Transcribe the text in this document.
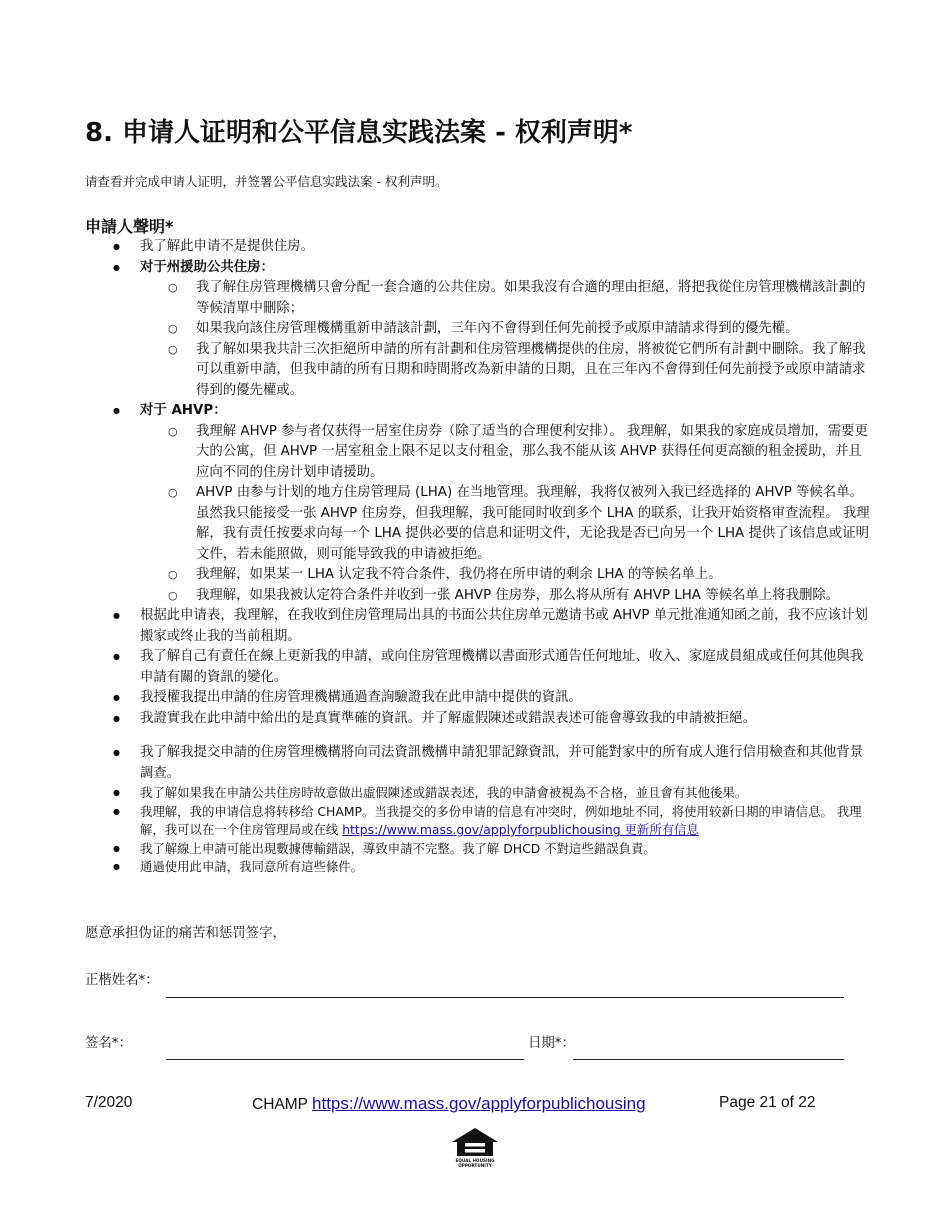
8. 申请人证明和公平信息实践法案 - 权利声明*
请查看并完成申请人证明，并签署公平信息实践法案 - 权利声明。
申請人聲明*
● 我了解此申请不是提供住房。
● 对于州援助公共住房：
○ 我了解住房管理機構只會分配一套合適的公共住房。如果我沒有合適的理由拒絕，將把我從住房管理機構該計劃的等候清單中刪除；
○ 如果我向該住房管理機構重新申請該計劃，三年內不會得到任何先前授予或原申請請求得到的優先權。
○ 我了解如果我共計三次拒絕所申請的所有計劃和住房管理機構提供的住房，將被從它們所有計劃中刪除。我了解我可以重新申請，但我申請的所有日期和時間將改為新申請的日期，且在三年內不會得到任何先前授予或原申請請求得到的優先權或。
● 对于 AHVP：
○ 我理解 AHVP 参与者仅获得一居室住房券（除了适当的合理便利安排）。 我理解，如果我的家庭成员增加，需要更大的公寓，但 AHVP 一居室租金上限不足以支付租金，那么我不能从该 AHVP 获得任何更高额的租金援助，并且应向不同的住房计划申请援助。
○ AHVP 由参与计划的地方住房管理局 (LHA) 在当地管理。我理解，我将仅被列入我已经选择的 AHVP 等候名单。虽然我只能接受一张 AHVP 住房券，但我理解，我可能同时收到多个 LHA 的联系，让我开始资格审查流程。 我理解，我有责任按要求向每一个 LHA 提供必要的信息和证明文件，无论我是否已向另一个 LHA 提供了该信息或证明文件，若未能照做，则可能导致我的申请被拒绝。
○ 我理解，如果某一 LHA 认定我不符合条件，我仍将在所申请的剩余 LHA 的等候名单上。
○ 我理解，如果我被认定符合条件并收到一张 AHVP 住房券，那么将从所有 AHVP LHA 等候名单上将我删除。
● 根据此申请表，我理解，在我收到住房管理局出具的书面公共住房单元邀请书或 AHVP 单元批准通知函之前，我不应该计划搬家或终止我的当前租期。
● 我了解自己有責任在線上更新我的申請，或向住房管理機構以書面形式通告任何地址、收入、家庭成員組成或任何其他與我申請有關的資訊的變化。
● 我授權我提出申請的住房管理機構通過查詢驗證我在此申請中提供的資訊。
● 我證實我在此申請中給出的是真實準確的資訊。并了解虛假陳述或錯誤表述可能會導致我的申請被拒絕。
● 我了解我提交申請的住房管理機構將向司法資訊機構申請犯罪記錄資訊，并可能對家中的所有成人進行信用檢查和其他背景調查。
● 我了解如果我在申請公共住房時故意做出虛假陳述或錯誤表述，我的申請會被視為不合格，並且會有其他後果。
● 我理解，我的申请信息将转移给 CHAMP。当我提交的多份申请的信息有冲突时，例如地址不同，将使用较新日期的申请信息。 我理解，我可以在一个住房管理局或在线 https://www.mass.gov/applyforpublichousing 更新所有信息
● 我了解線上申請可能出現數據傳輸錯誤，導致申請不完整。我了解 DHCD 不對這些錯誤負責。
● 通過使用此申請，我同意所有這些條件。
愿意承担伪证的痛苦和惩罚签字，
正楷姓名*：
签名*：	日期*：
7/2020	CHAMP https://www.mass.gov/applyforpublichousing	Page 21 of 22
EQUAL HOUSING
OPPORTUNITY
